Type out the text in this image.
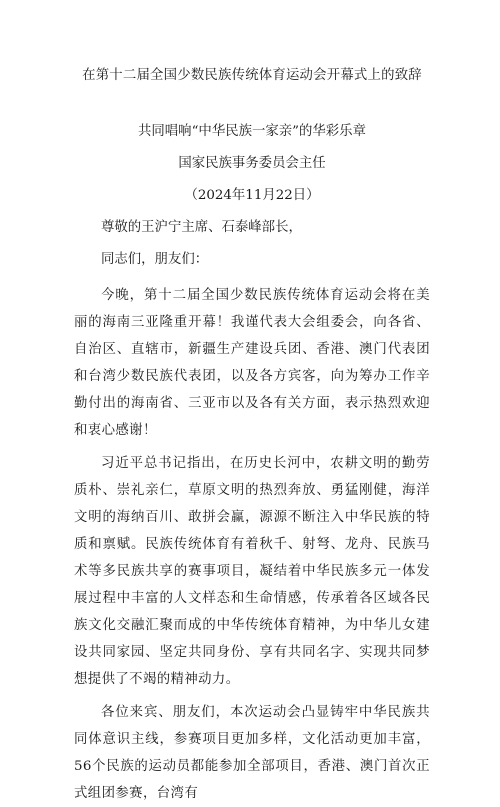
在第十二届全国少数民族传统体育运动会开幕式上的致辞
共同唱响“中华民族一家亲”的华彩乐章
国家民族事务委员会主任
（2024年11月22日）
尊敬的王沪宁主席、石泰峰部长，
同志们，朋友们：

今晚，第十二届全国少数民族传统体育运动会将在美丽的海南三亚隆重开幕！我谨代表大会组委会，向各省、自治区、直辖市，新疆生产建设兵团、香港、澳门代表团和台湾少数民族代表团，以及各方宾客，向为筹办工作辛勤付出的海南省、三亚市以及各有关方面，表示热烈欢迎和衷心感谢！

习近平总书记指出，在历史长河中，农耕文明的勤劳质朴、崇礼亲仁，草原文明的热烈奔放、勇猛刚健，海洋文明的海纳百川、敢拼会赢，源源不断注入中华民族的特质和禀赋。民族传统体育有着秋千、射弩、龙舟、民族马术等多民族共享的赛事项目，凝结着中华民族多元一体发展过程中丰富的人文样态和生命情感，传承着各区域各民族文化交融汇聚而成的中华传统体育精神，为中华儿女建设共同家园、坚定共同身份、享有共同名字、实现共同梦想提供了不竭的精神动力。

各位来宾、朋友们，本次运动会凸显铸牢中华民族共同体意识主线，参赛项目更加多样，文化活动更加丰富，56个民族的运动员都能参加全部项目，香港、澳门首次正式组团参赛，台湾有
